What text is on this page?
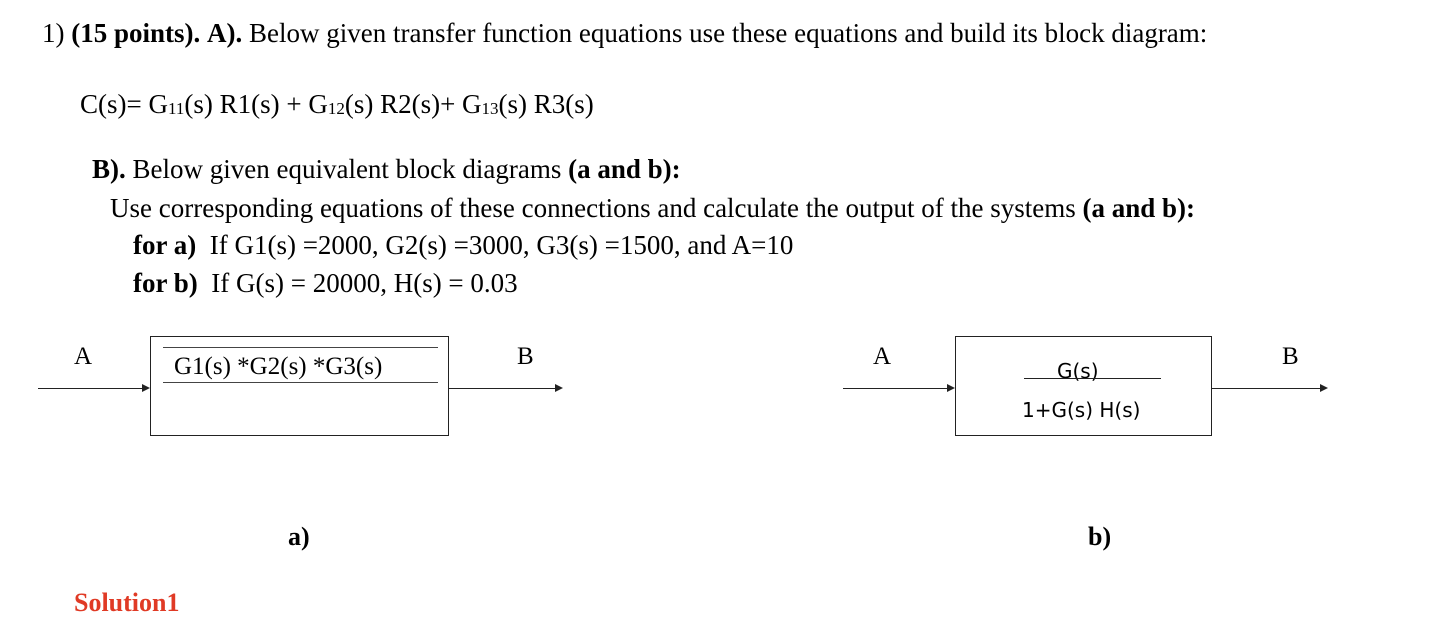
1) (15 points). A). Below given transfer function equations use these equations and build its block diagram:
$C(s)= G_{11}(s) R1(s) + G_{12}(s)$ $R2(s)+ G_{13}(s)$ R3(s)
B). Below given equivalent block diagrams (a and b):
Use corresponding equations of these connections and calculate the output of the systems (a and b):
for a) If G1(s) =2000, G2(s) =3000, G3(s) =1500, and A=10
for b) If G(s) = 20000, H(s) = 0.03
A	G1(s) *G2(s) *G3(s)	B
a)
A
G(s)
1+G(s) H(s)
B
b)
Solution1
